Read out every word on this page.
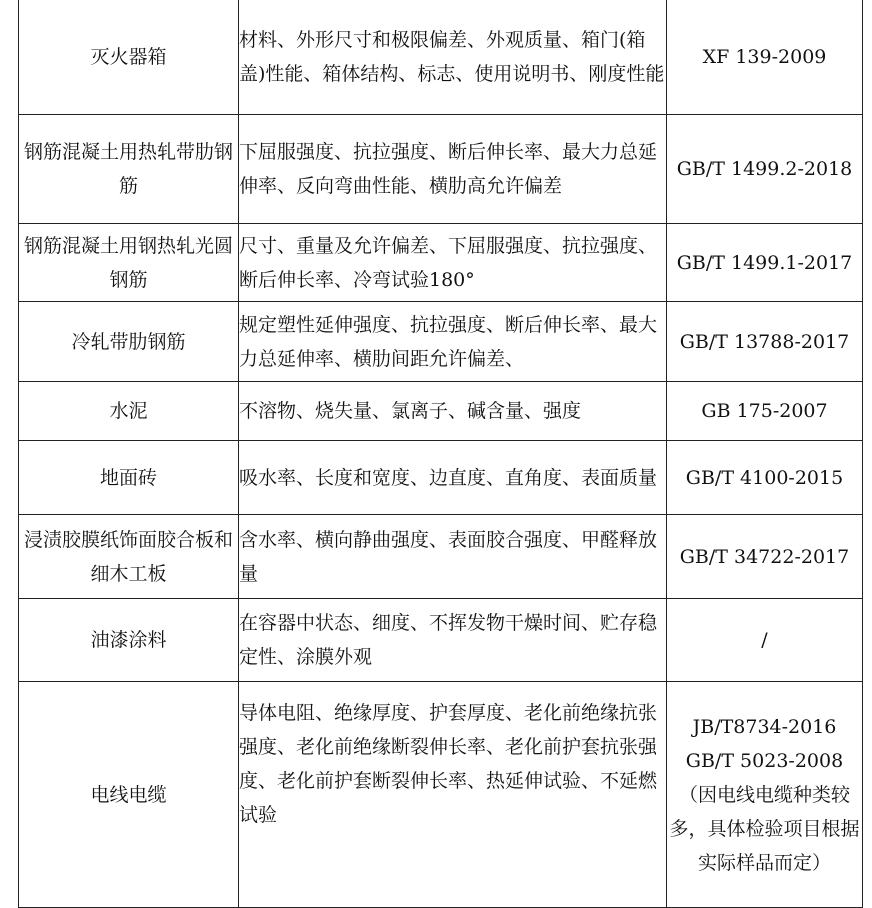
灭火器箱	材料、外形尺寸和极限偏差、外观质量、箱门(箱盖)性能、箱体结构、标志、使用说明书、刚度性能	XF 139-2009

钢筋混凝土用热轧带肋钢筋	下屈服强度、抗拉强度、断后伸长率、最大力总延伸率、反向弯曲性能、横肋高允许偏差	GB/T 1499.2-2018

钢筋混凝土用钢热轧光圆钢筋	尺寸、重量及允许偏差、下屈服强度、抗拉强度、断后伸长率、冷弯试验180°	GB/T 1499.1-2017

冷轧带肋钢筋	规定塑性延伸强度、抗拉强度、断后伸长率、最大力总延伸率、横肋间距允许偏差、	GB/T 13788-2017

水泥	不溶物、烧失量、氯离子、碱含量、强度	GB 175-2007

地面砖	吸水率、长度和宽度、边直度、直角度、表面质量	GB/T 4100-2015

浸渍胶膜纸饰面胶合板和细木工板	含水率、横向静曲强度、表面胶合强度、甲醛释放量	GB/T 34722-2017

油漆涂料	在容器中状态、细度、不挥发物干燥时间、贮存稳定性、涂膜外观	/

电线电缆	导体电阻、绝缘厚度、护套厚度、老化前绝缘抗张强度、老化前绝缘断裂伸长率、老化前护套抗张强度、老化前护套断裂伸长率、热延伸试验、不延燃试验	JB/T8734-2016
GB/T 5023-2008
（因电线电缆种类较多，具体检验项目根据实际样品而定）
